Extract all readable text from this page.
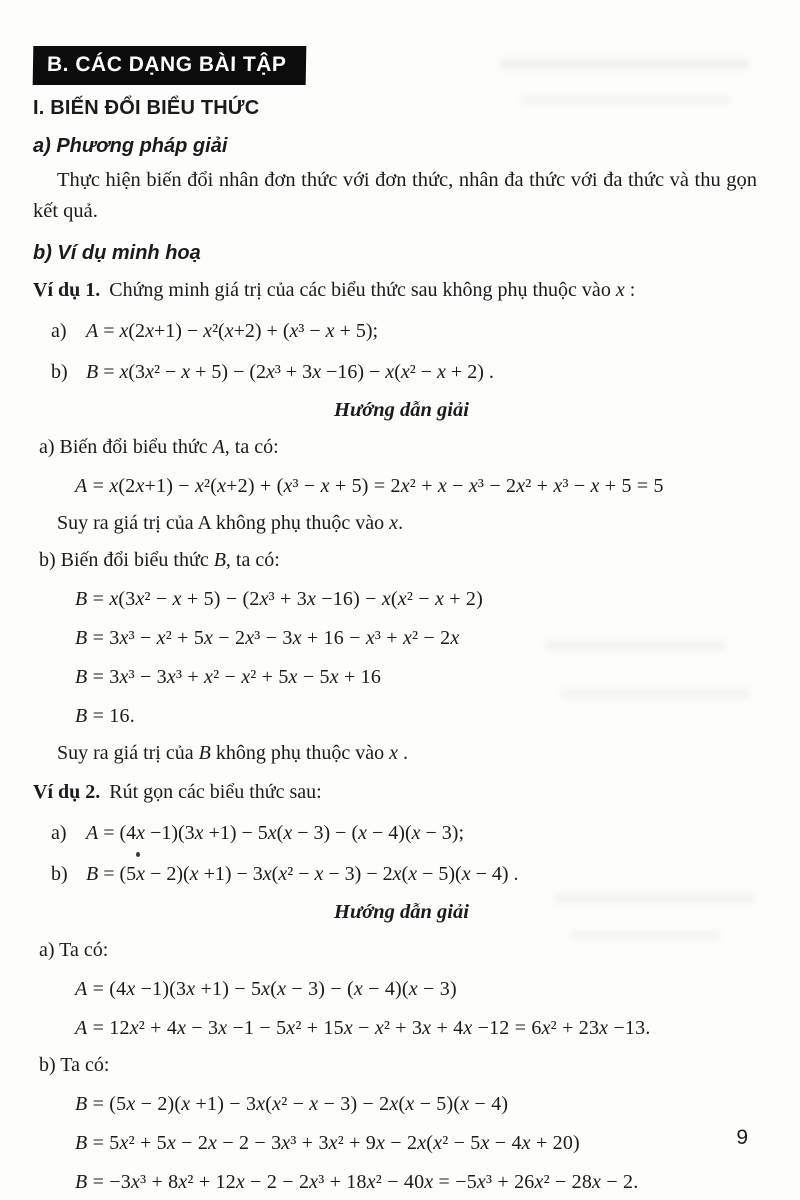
B. CÁC DẠNG BÀI TẬP
I. BIẾN ĐỔI BIỂU THỨC
a) Phương pháp giải

Thực hiện biến đổi nhân đơn thức với đơn thức, nhân đa thức với đa thức và thu gọn kết quả.

b) Ví dụ minh hoạ

Ví dụ 1. Chứng minh giá trị của các biểu thức sau không phụ thuộc vào x :

a) A = x(2x+1) − x²(x+2) + (x³ − x + 5);

b) B = x(3x² − x + 5) − (2x³ + 3x −16) − x(x² − x + 2) .

Hướng dẫn giải

a) Biến đổi biểu thức A, ta có:

A = x(2x+1) − x²(x+2) + (x³ − x + 5) = 2x² + x − x³ − 2x² + x³ − x + 5 = 5

Suy ra giá trị của A không phụ thuộc vào x.

b) Biến đổi biểu thức B, ta có:

B = x(3x² − x + 5) − (2x³ + 3x −16) − x(x² − x + 2)

B = 3x³ − x² + 5x − 2x³ − 3x + 16 − x³ + x² − 2x

B = 3x³ − 3x³ + x² − x² + 5x − 5x + 16

B = 16.

Suy ra giá trị của B không phụ thuộc vào x .

Ví dụ 2. Rút gọn các biểu thức sau:

a) A = (4x −1)(3x +1) − 5x(x − 3) − (x − 4)(x − 3);

b) B = (5x − 2)(x +1) − 3x(x² − x − 3) − 2x(x − 5)(x − 4) .

Hướng dẫn giải

a) Ta có:

A = (4x −1)(3x +1) − 5x(x − 3) − (x − 4)(x − 3)

A = 12x² + 4x − 3x −1 − 5x² + 15x − x² + 3x + 4x −12 = 6x² + 23x −13.

b) Ta có:

B = (5x − 2)(x +1) − 3x(x² − x − 3) − 2x(x − 5)(x − 4)

B = 5x² + 5x − 2x − 2 − 3x³ + 3x² + 9x − 2x(x² − 5x − 4x + 20)

B = −3x³ + 8x² + 12x − 2 − 2x³ + 18x² − 40x = −5x³ + 26x² − 28x − 2.

9
